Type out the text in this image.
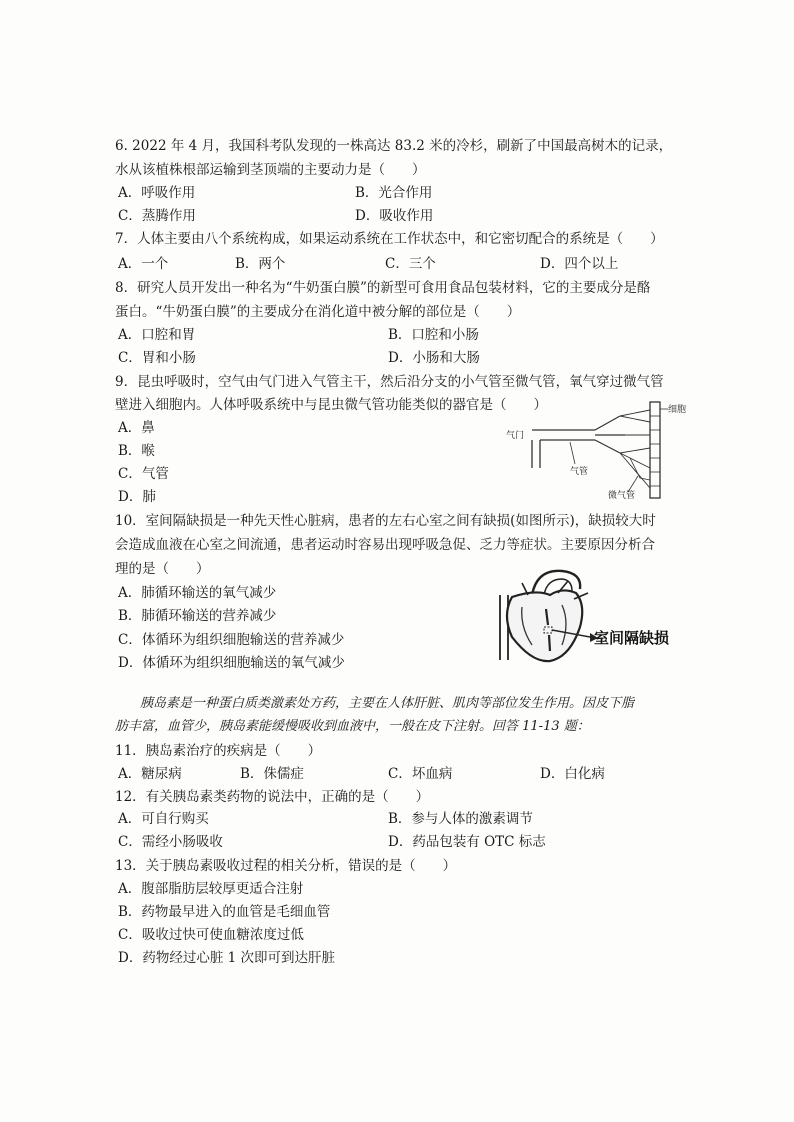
6. 2022 年 4 月，我国科考队发现的一株高达 83.2 米的冷杉，刷新了中国最高树木的记录，
水从该植株根部运输到茎顶端的主要动力是（　　）
A．呼吸作用	B．光合作用
C．蒸腾作用	D．吸收作用
7．人体主要由八个系统构成，如果运动系统在工作状态中，和它密切配合的系统是（　　）
A．一个	B．两个	C．三个	D．四个以上
8．研究人员开发出一种名为“牛奶蛋白膜”的新型可食用食品包装材料，它的主要成分是酪
蛋白。“牛奶蛋白膜”的主要成分在消化道中被分解的部位是（　　）
A．口腔和胃	B．口腔和小肠
C．胃和小肠	D．小肠和大肠
9．昆虫呼吸时，空气由气门进入气管主干，然后沿分支的小气管至微气管，氧气穿过微气管
壁进入细胞内。人体呼吸系统中与昆虫微气管功能类似的器官是（　　）
A．鼻
B．喉
C．气管
D．肺
气门
气管
细胞
微气管
10．室间隔缺损是一种先天性心脏病，患者的左右心室之间有缺损(如图所示)，缺损较大时
会造成血液在心室之间流通，患者运动时容易出现呼吸急促、乏力等症状。主要原因分析合
理的是（　　）
A．肺循环输送的氧气减少
B．肺循环输送的营养减少
C．体循环为组织细胞输送的营养减少
D．体循环为组织细胞输送的氧气减少
室间隔缺损
胰岛素是一种蛋白质类激素处方药，主要在人体肝脏、肌肉等部位发生作用。因皮下脂
肪丰富，血管少，胰岛素能缓慢吸收到血液中，一般在皮下注射。回答 11-13 题：
11．胰岛素治疗的疾病是（　　）
A．糖尿病	B．侏儒症	C．坏血病	D．白化病
12．有关胰岛素类药物的说法中，正确的是（　　）
A．可自行购买	B．参与人体的激素调节
C．需经小肠吸收	D．药品包装有 OTC 标志
13．关于胰岛素吸收过程的相关分析，错误的是（　　）
A．腹部脂肪层较厚更适合注射
B．药物最早进入的血管是毛细血管
C．吸收过快可使血糖浓度过低
D．药物经过心脏 1 次即可到达肝脏
